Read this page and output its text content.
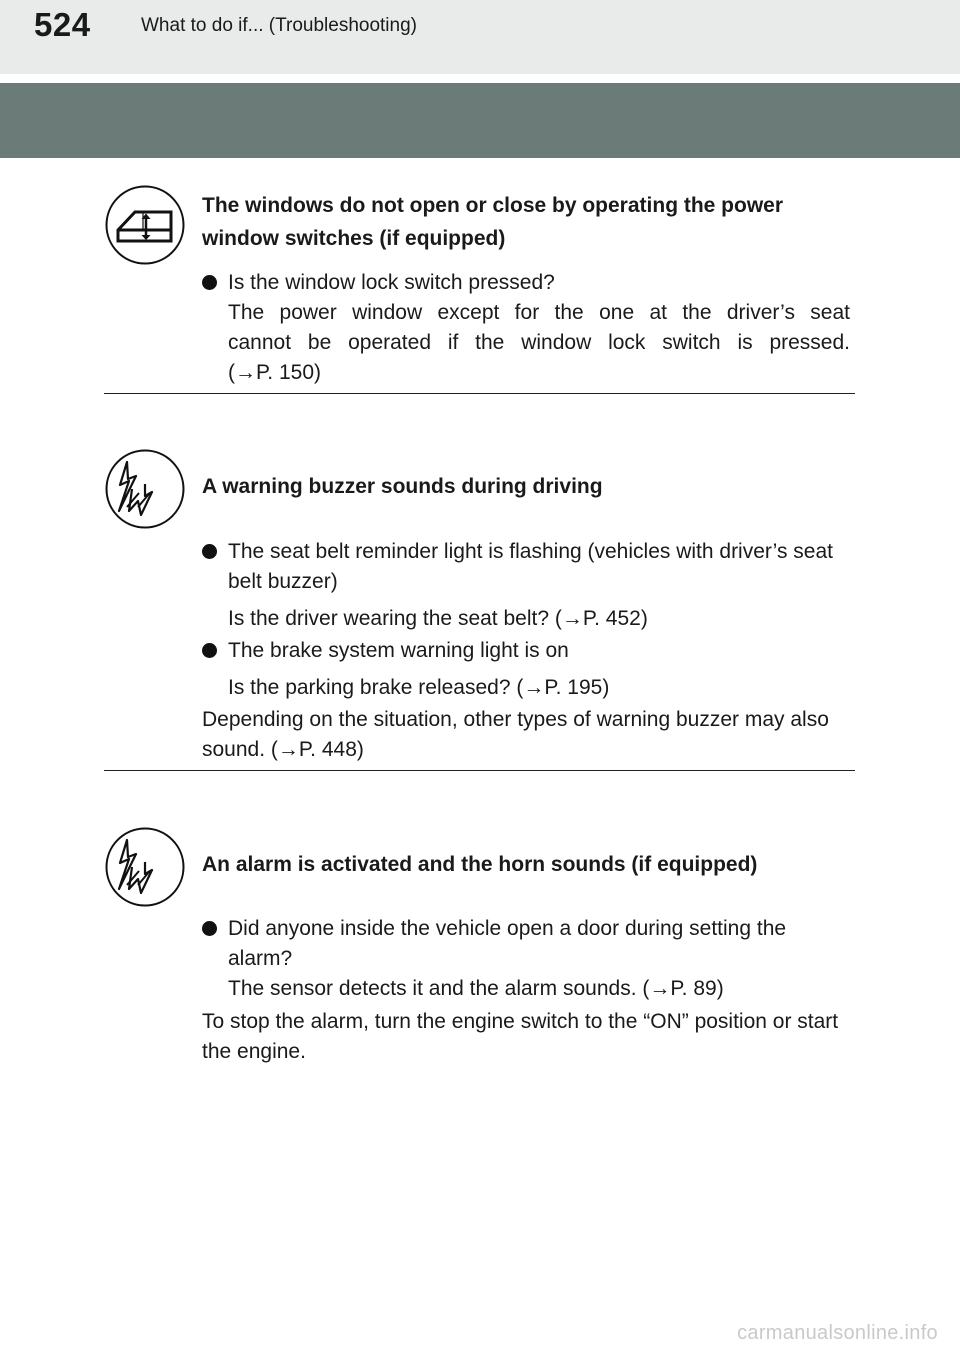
524	What to do if... (Troubleshooting)
The windows do not open or close by operating the power window switches (if equipped)
Is the window lock switch pressed?
The power window except for the one at the driver’s seat
cannot be operated if the window lock switch is pressed.
(→P. 150)
A warning buzzer sounds during driving
The seat belt reminder light is flashing (vehicles with driver’s seat belt buzzer)
Is the driver wearing the seat belt? (→P. 452)
The brake system warning light is on
Is the parking brake released? (→P. 195)
Depending on the situation, other types of warning buzzer may also sound. (→P. 448)
An alarm is activated and the horn sounds (if equipped)
Did anyone inside the vehicle open a door during setting the alarm?
The sensor detects it and the alarm sounds. (→P. 89)
To stop the alarm, turn the engine switch to the “ON” position or start the engine.
carmanualsonline.info
